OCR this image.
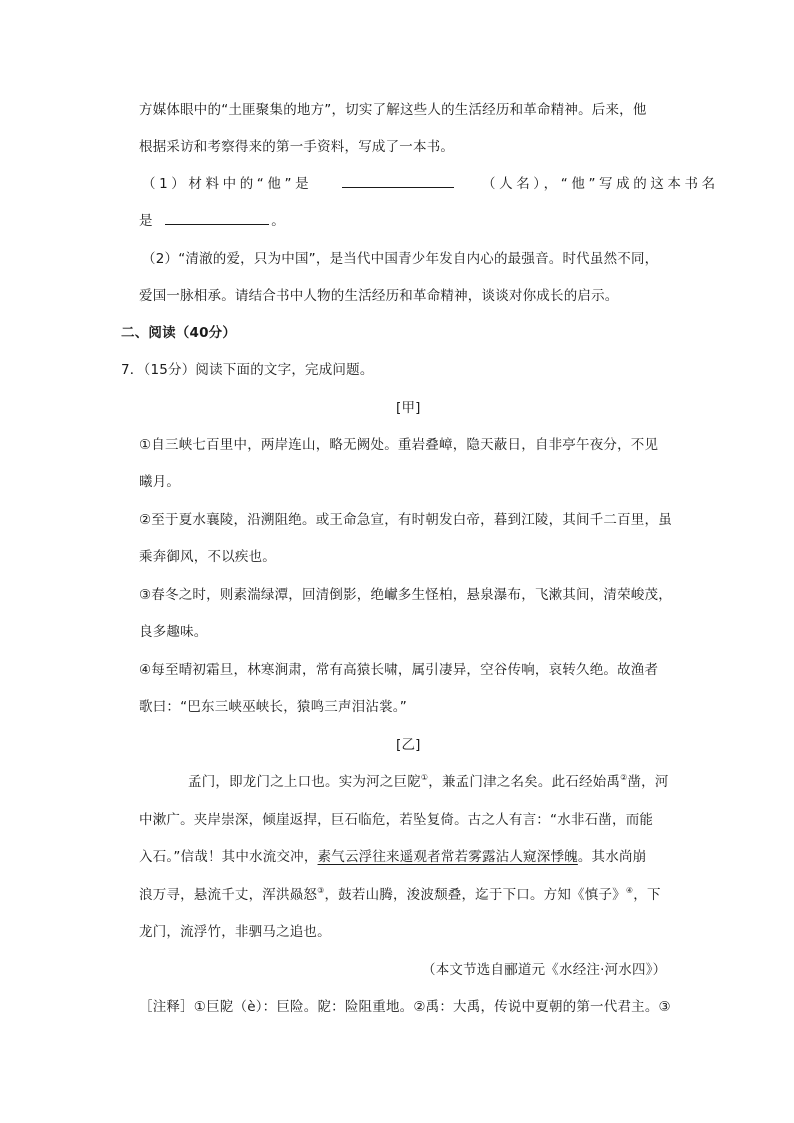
方媒体眼中的“土匪聚集的地方”，切实了解这些人的生活经历和革命精神。后来，他
根据采访和考察得来的第一手资料，写成了一本书。
（1）材料中的“他”是	（人名），“他”写成的这本书名
是	。
（2）“清澈的爱，只为中国”，是当代中国青少年发自内心的最强音。时代虽然不同，
爱国一脉相承。请结合书中人物的生活经历和革命精神，谈谈对你成长的启示。
二、阅读（40分）
7．（15分）阅读下面的文字，完成问题。
[甲]
①自三峡七百里中，两岸连山，略无阙处。重岩叠嶂，隐天蔽日，自非亭午夜分，不见
曦月。
②至于夏水襄陵，沿溯阻绝。或王命急宣，有时朝发白帝，暮到江陵，其间千二百里，虽
乘奔御风，不以疾也。
③春冬之时，则素湍绿潭，回清倒影，绝𪩘多生怪柏，悬泉瀑布，飞漱其间，清荣峻茂，
良多趣味。
④每至晴初霜旦，林寒涧肃，常有高猿长啸，属引凄异，空谷传响，哀转久绝。故渔者
歌曰：“巴东三峡巫峡长，猿鸣三声泪沾裳。”
[乙]
孟门，即龙门之上口也。实为河之巨阸①，兼孟门津之名矣。此石经始禹②凿，河
中漱广。夹岸崇深，倾崖返捍，巨石临危，若坠复倚。古之人有言：“水非石凿，而能
入石。”信哉！其中水流交冲，素气云浮往来遥观者常若雾露沾人窥深悸魄。其水尚崩
浪万寻，悬流千丈，浑洪赑怒③，鼓若山腾，浚波颓叠，迄于下口。方知《慎子》④，下
龙门，流浮竹，非驷马之追也。
（本文节选自郦道元《水经注·河水四》）
［注释］①巨阸（è）：巨险。阸：险阻重地。②禹：大禹，传说中夏朝的第一代君主。③
